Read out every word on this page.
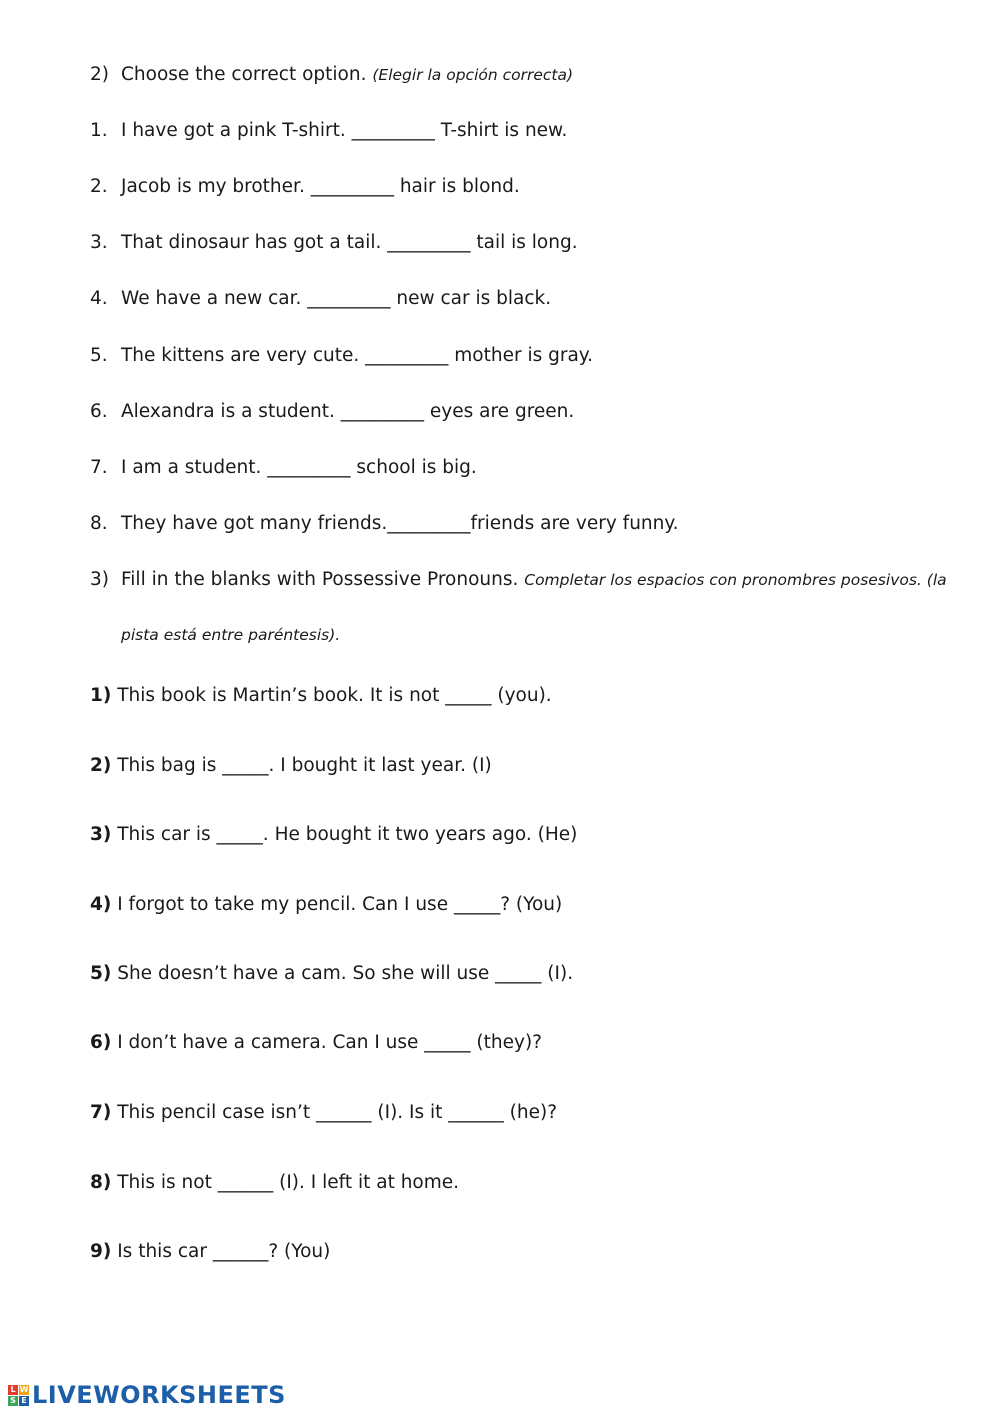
2) Choose the correct option. (Elegir la opción correcta)
1. I have got a pink T-shirt. _________ T-shirt is new.
2. Jacob is my brother. _________ hair is blond.
3. That dinosaur has got a tail. _________ tail is long.
4. We have a new car. _________ new car is black.
5. The kittens are very cute. _________ mother is gray.
6. Alexandra is a student. _________ eyes are green.
7. I am a student. _________ school is big.
8. They have got many friends._________friends are very funny.
3) Fill in the blanks with Possessive Pronouns. Completar los espacios con pronombres posesivos. (la
pista está entre paréntesis).
1) This book is Martin’s book. It is not _____ (you).
2) This bag is _____. I bought it last year. (I)
3) This car is _____. He bought it two years ago. (He)
4) I forgot to take my pencil. Can I use _____? (You)
5) She doesn’t have a cam. So she will use _____ (I).
6) I don’t have a camera. Can I use _____ (they)?
7) This pencil case isn’t ______ (I). Is it ______ (he)?
8) This is not ______ (I). I left it at home.
9) Is this car ______? (You)
L W
S E LIVEWORKSHEETS
